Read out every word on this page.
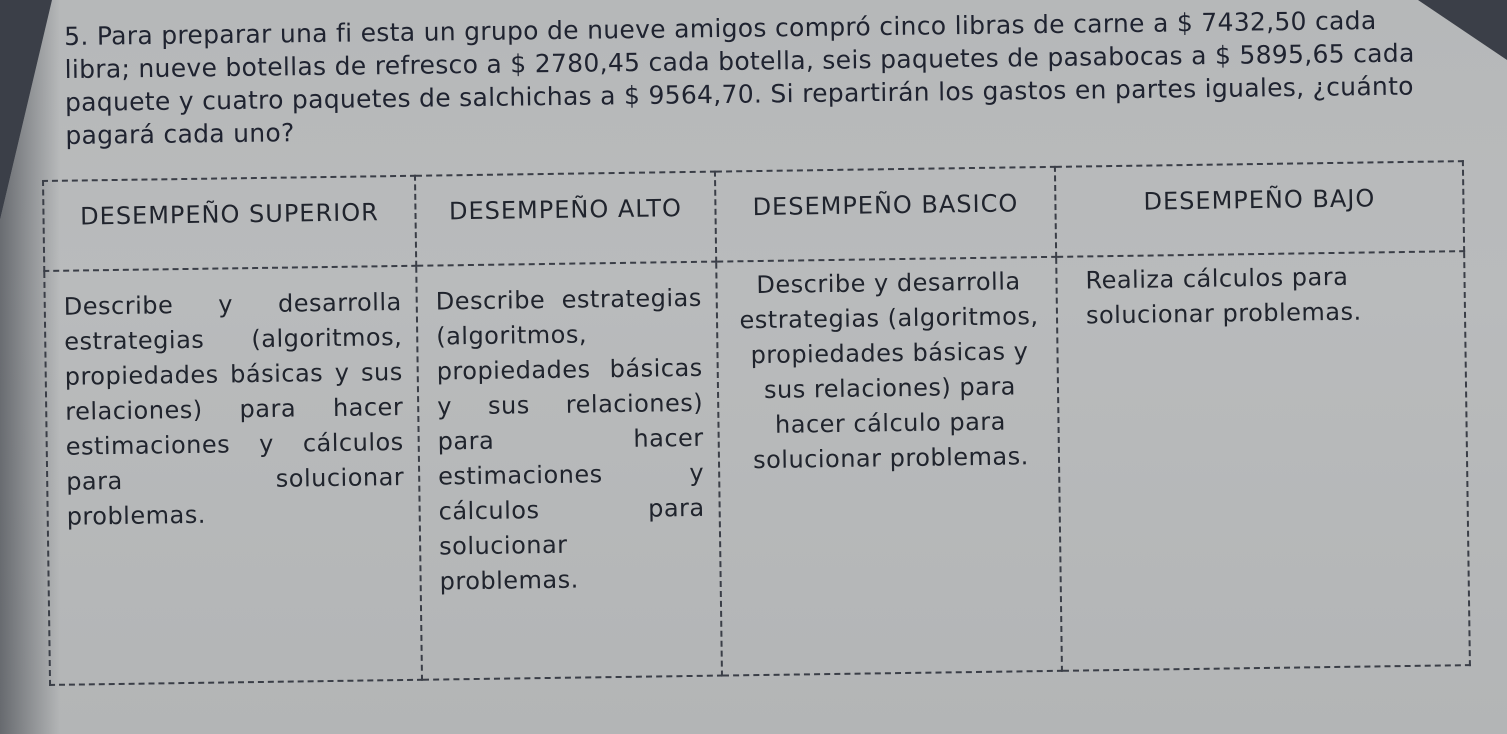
5. Para preparar una fi esta un grupo de nueve amigos compró cinco libras de carne a $ 7432,50 cada libra; nueve botellas de refresco a $ 2780,45 cada botella, seis paquetes de pasabocas a $ 5895,65 cada paquete y cuatro paquetes de salchichas a $ 9564,70. Si repartirán los gastos en partes iguales, ¿cuánto pagará cada uno?

DESEMPEÑO SUPERIOR	DESEMPEÑO ALTO	DESEMPEÑO BASICO	DESEMPEÑO BAJO
Describe y desarrolla estrategias (algoritmos, propiedades básicas y sus relaciones) para hacer estimaciones y cálculos para solucionar problemas.	Describe estrategias (algoritmos, propiedades básicas y sus relaciones) para hacer estimaciones y cálculos para solucionar problemas.	Describe y desarrolla estrategias (algoritmos, propiedades básicas y sus relaciones) para hacer cálculo para solucionar problemas.	Realiza cálculos para solucionar problemas.
